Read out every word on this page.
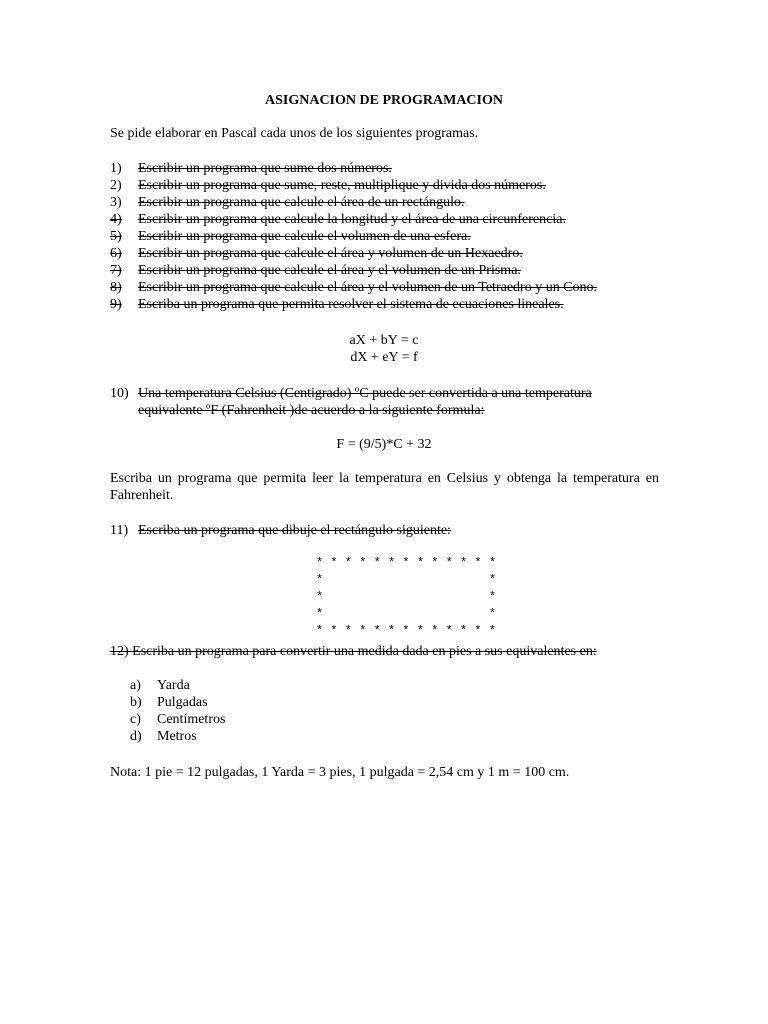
ASIGNACION DE PROGRAMACION
Se pide elaborar en Pascal cada unos de los siguientes programas.
1) Escribir un programa que sume dos números.
2) Escribir un programa que sume, reste, multiplique y divida dos números.
3) Escribir un programa que calcule el área de un rectángulo.
4) Escribir un programa que calcule la longitud y el área de una circunferencia.
5) Escribir un programa que calcule el volumen de una esfera.
6) Escribir un programa que calcule el área y volumen de un Hexaedro.
7) Escribir un programa que calcule el área y el volumen de un Prisma.
8) Escribir un programa que calcule el área y el volumen de un Tetraedro y un Cono.
9) Escriba un programa que permita resolver el sistema de ecuaciones lineales.
aX + bY = c
dX + eY = f
10) Una temperatura Celsius (Centigrado) ºC puede ser convertida a una temperatura
equivalente ºF (Fahrenheit )de acuerdo a la siguiente formula:
F = (9/5)*C + 32
Escriba un programa que permita leer la temperatura en Celsius y obtenga la temperatura en Fahrenheit.
11) Escriba un programa que dibuje el rectángulo siguiente:
* * * * * * * * * * * * *
*                       *
*                       *
*                       *
* * * * * * * * * * * * *
12) Escriba un programa para convertir una medida dada en pies a sus equivalentes en:
a) Yarda
b) Pulgadas
c) Centímetros
d) Metros
Nota: 1 pie = 12 pulgadas, 1 Yarda = 3 pies, 1 pulgada = 2,54 cm y 1 m = 100 cm.
